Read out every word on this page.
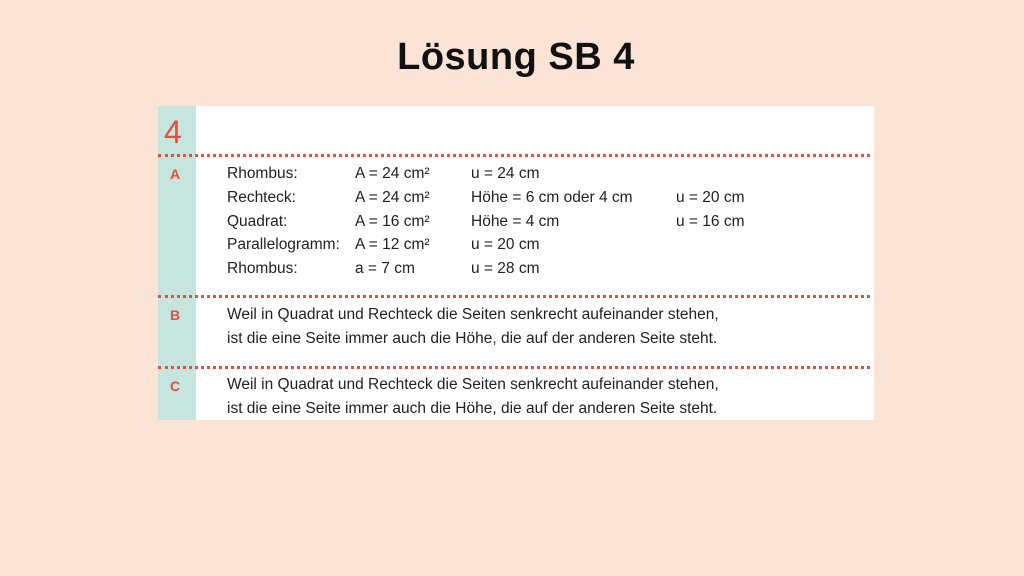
Lösung SB 4
4
A	Rhombus:	A = 24 cm²	u = 24 cm
Rechteck:	A = 24 cm²	Höhe = 6 cm oder 4 cm	u = 20 cm
Quadrat:	A = 16 cm²	Höhe = 4 cm	u = 16 cm
Parallelogramm: A = 12 cm²	u = 20 cm
Rhombus:	a = 7 cm	u = 28 cm
B	Weil in Quadrat und Rechteck die Seiten senkrecht aufeinander stehen,
ist die eine Seite immer auch die Höhe, die auf der anderen Seite steht.
C	Weil in Quadrat und Rechteck die Seiten senkrecht aufeinander stehen,
ist die eine Seite immer auch die Höhe, die auf der anderen Seite steht.
